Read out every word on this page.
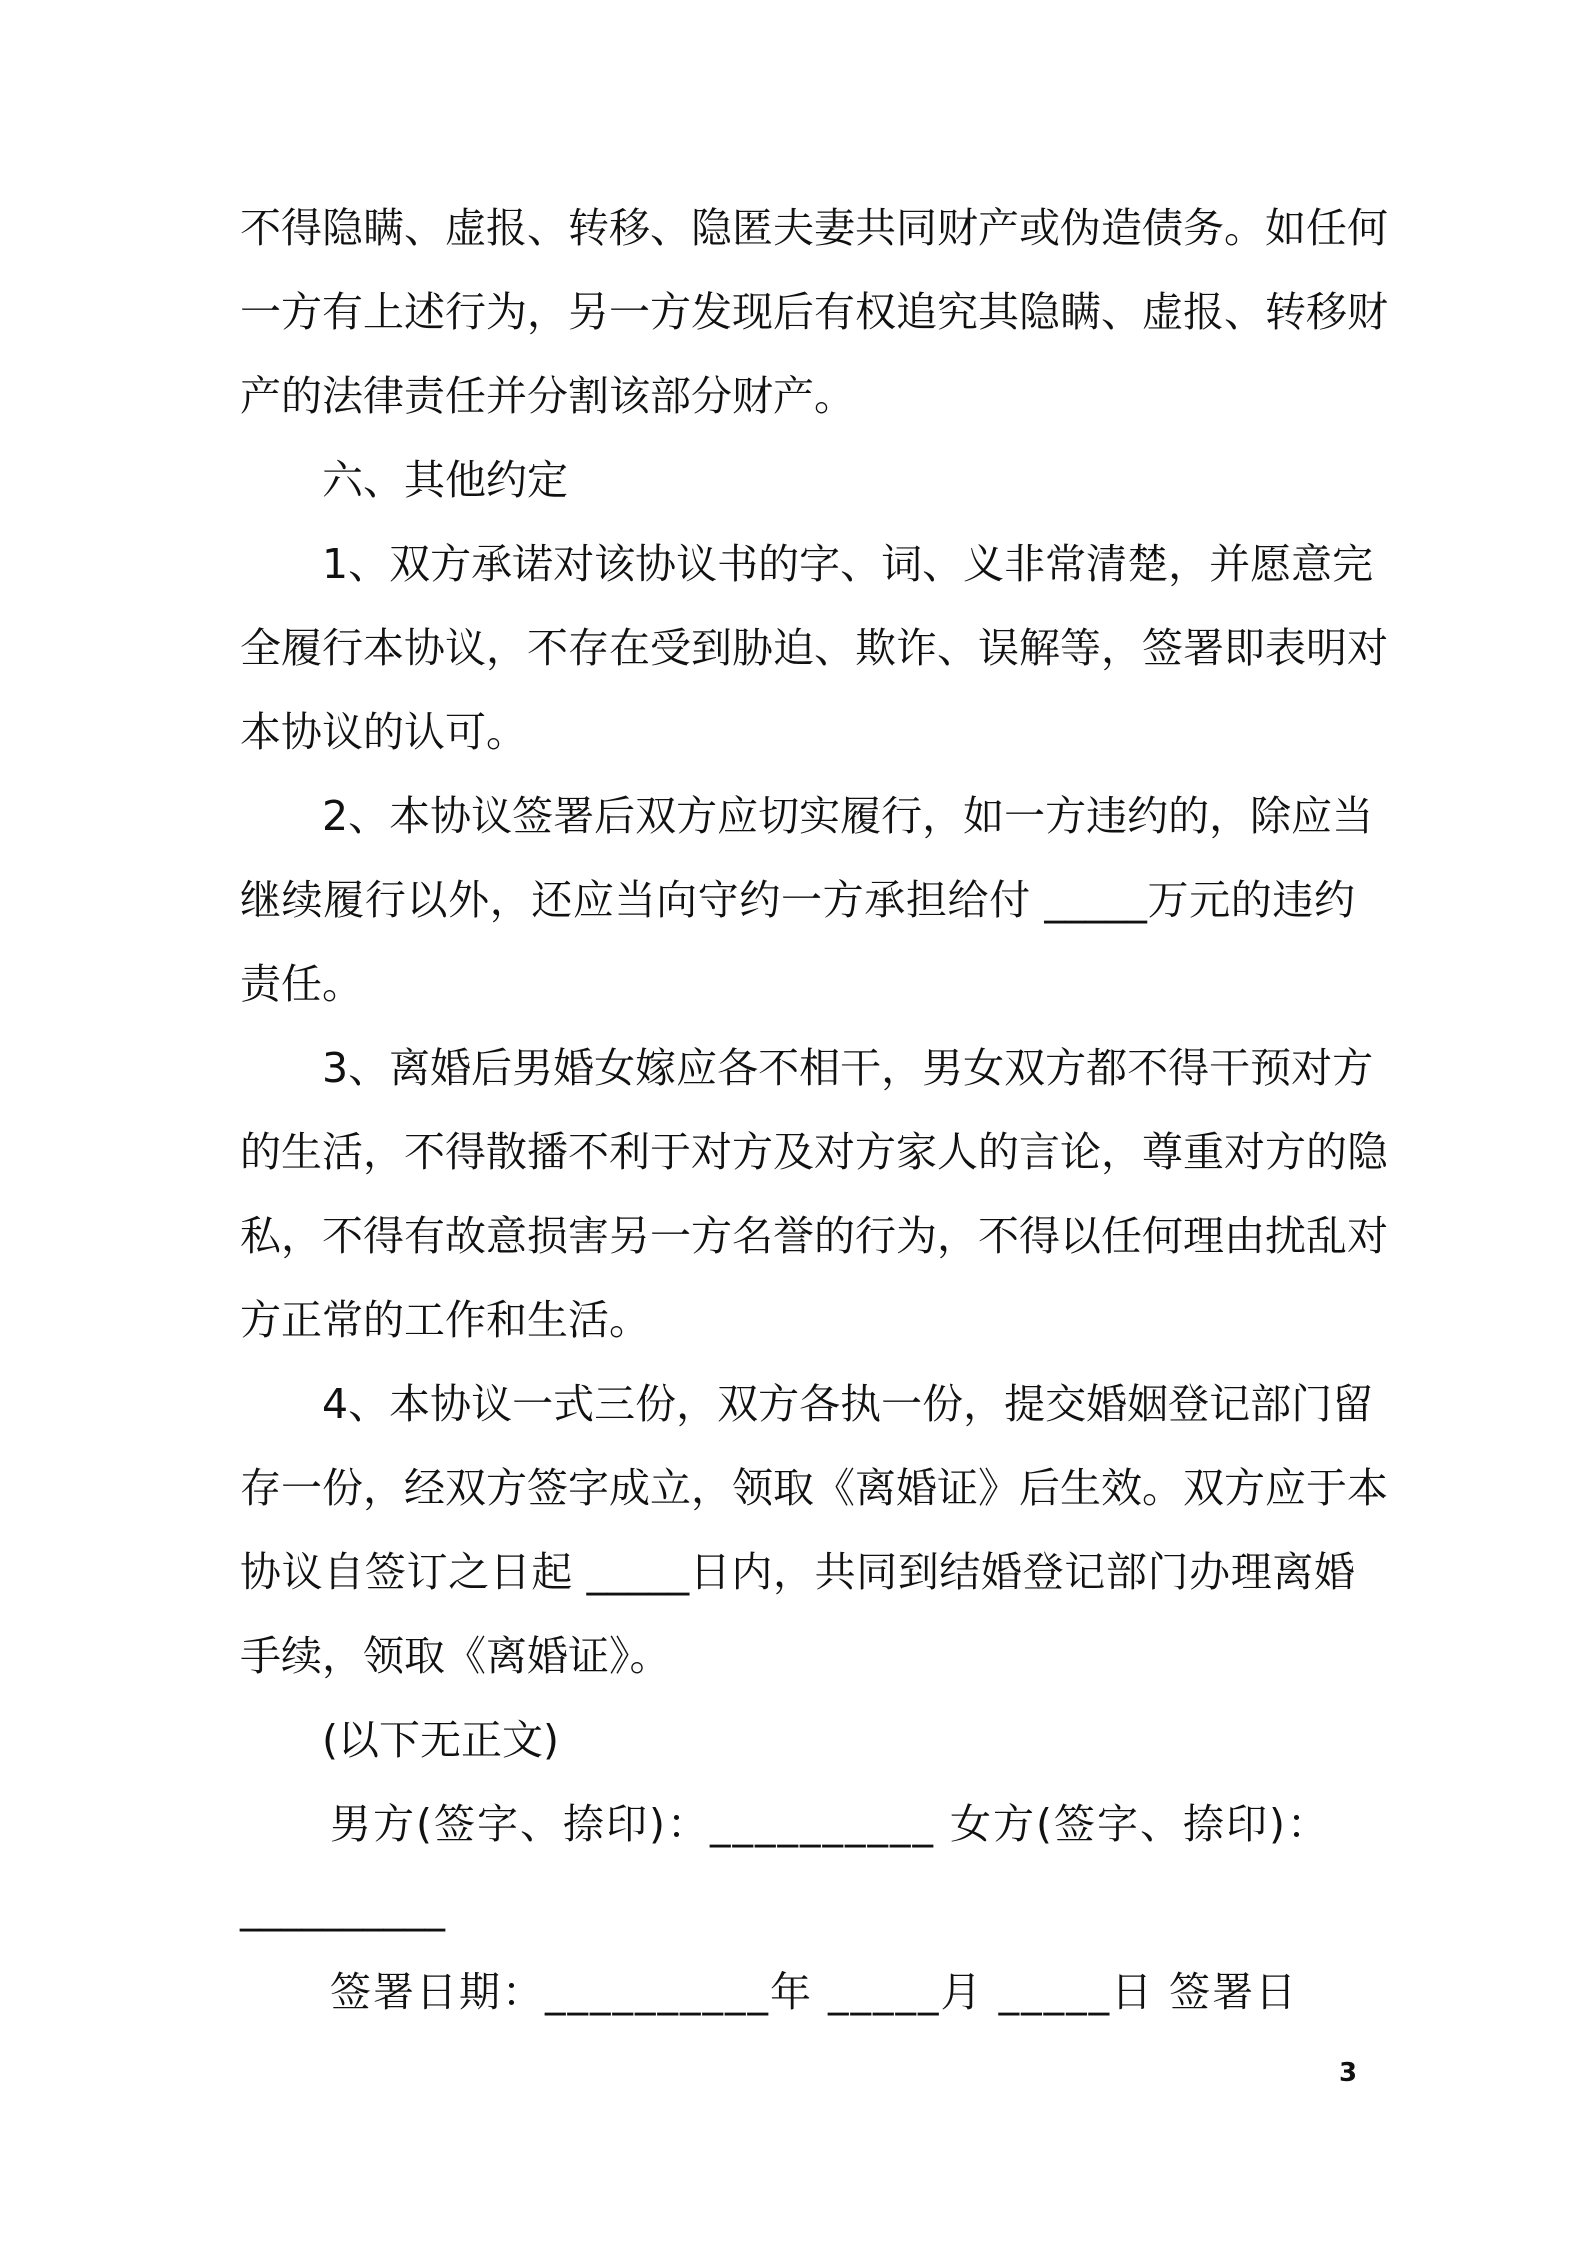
不得隐瞒、虚报、转移、隐匿夫妻共同财产或伪造债务。如任何
一方有上述行为，另一方发现后有权追究其隐瞒、虚报、转移财
产的法律责任并分割该部分财产。
六、其他约定
1、双方承诺对该协议书的字、词、义非常清楚，并愿意完
全履行本协议，不存在受到胁迫、欺诈、误解等，签署即表明对
本协议的认可。
2、本协议签署后双方应切实履行，如一方违约的，除应当
继续履行以外，还应当向守约一方承担给付 _____万元的违约
责任。
3、离婚后男婚女嫁应各不相干，男女双方都不得干预对方
的生活，不得散播不利于对方及对方家人的言论，尊重对方的隐
私，不得有故意损害另一方名誉的行为，不得以任何理由扰乱对
方正常的工作和生活。
4、本协议一式三份，双方各执一份，提交婚姻登记部门留
存一份，经双方签字成立，领取《离婚证》后生效。双方应于本
协议自签订之日起 _____日内，共同到结婚登记部门办理离婚
手续，领取《离婚证》。
(以下无正文)
男方(签字、捺印)：__________ 女方(签字、捺印)：
__________
签署日期：__________年 _____月 _____日 签署日
3
